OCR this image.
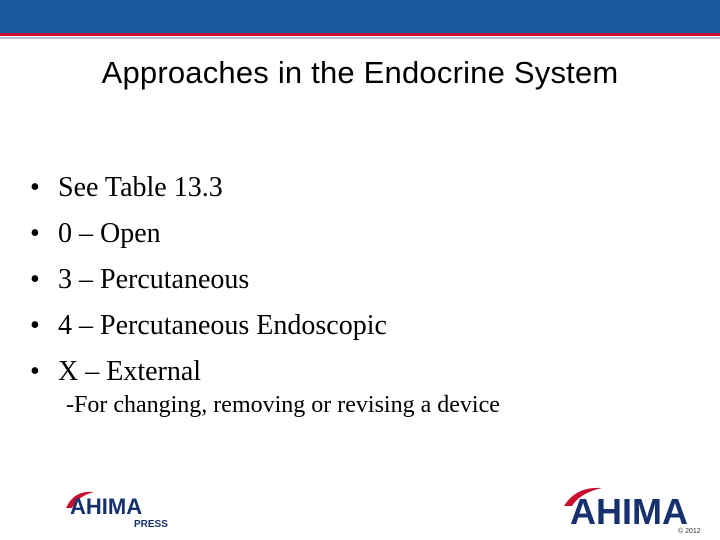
Approaches in the Endocrine System
• See Table 13.3
• 0 – Open
• 3 – Percutaneous
• 4 – Percutaneous Endoscopic
• X – External
-For changing, removing or revising a device
AHIMA
PRESS	AHIMA
© 2012
